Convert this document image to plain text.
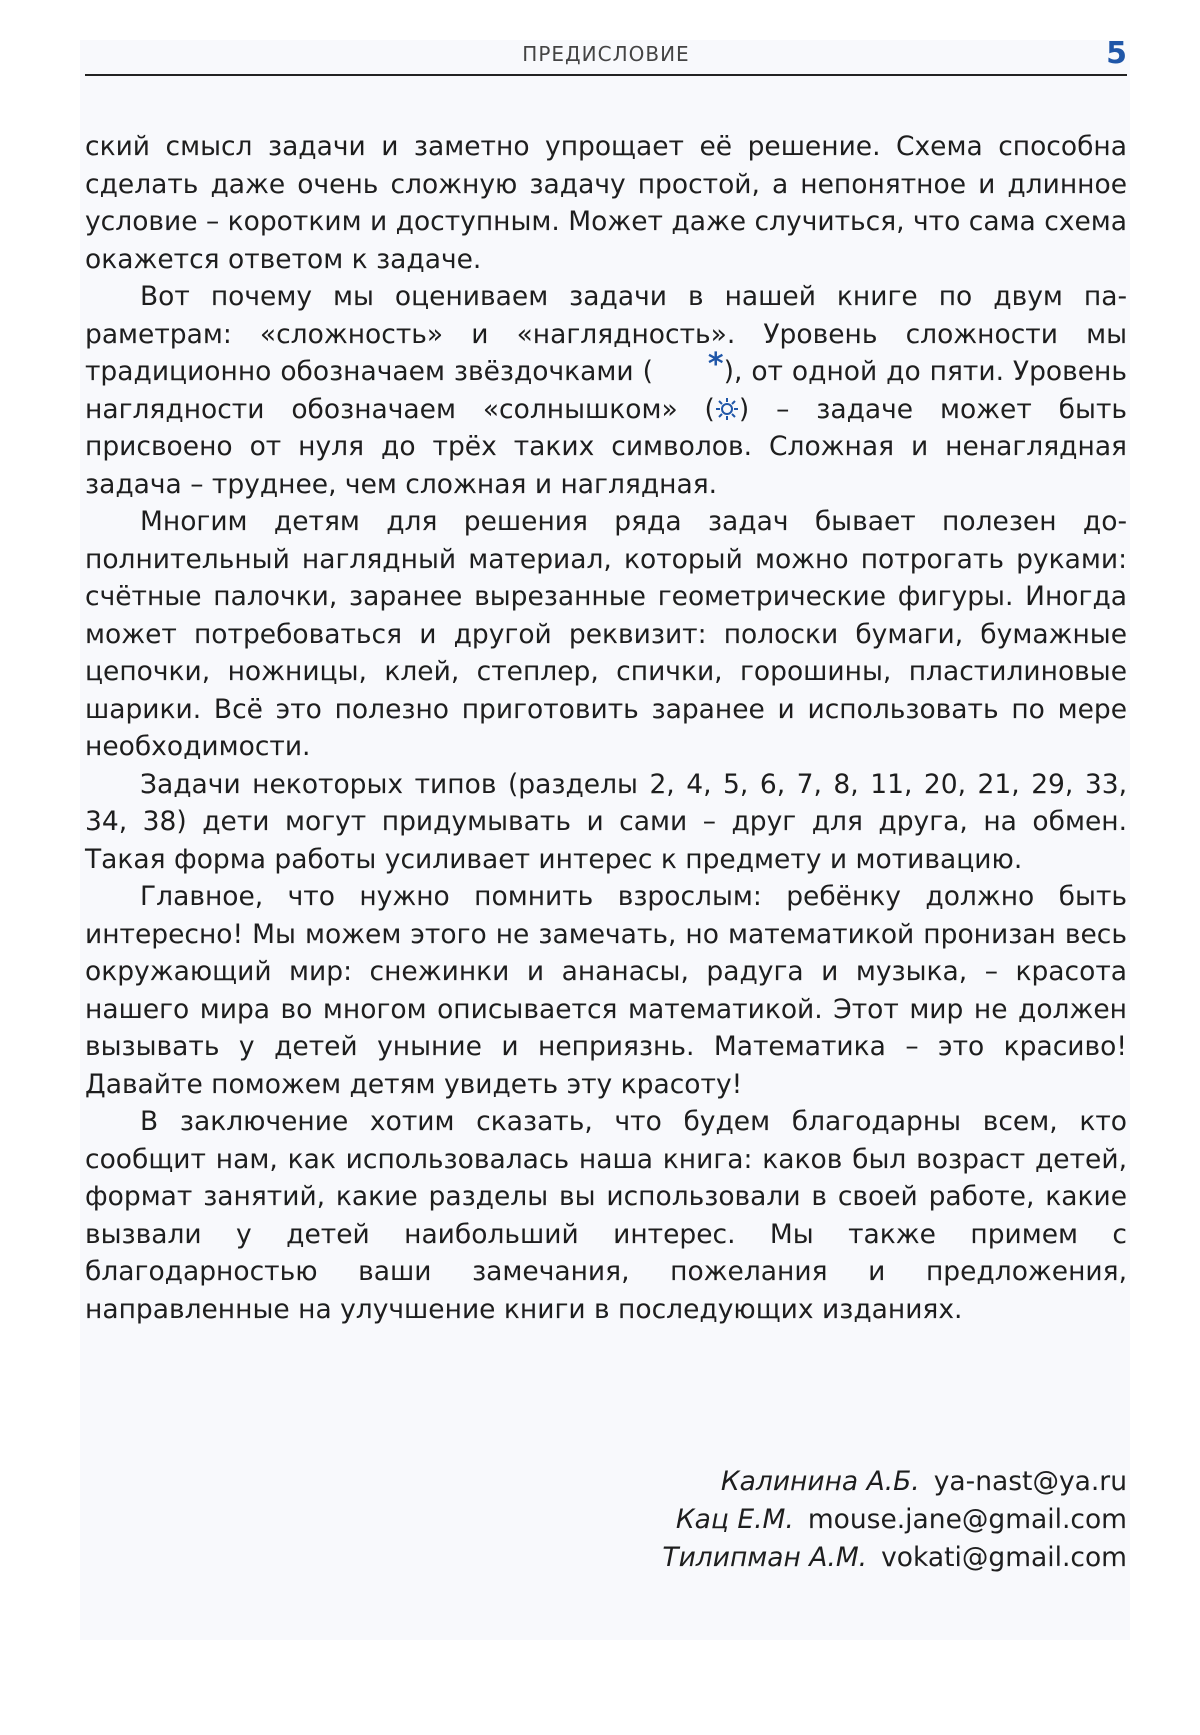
ПРЕДИСЛОВИЕ	5

ский смысл задачи и заметно упрощает её решение. Схема способна сделать даже очень сложную задачу простой, а непонятное и длинное условие – коротким и доступным. Может даже случиться, что сама схема окажется ответом к задаче.

Вот почему мы оцениваем задачи в нашей книге по двум параметрам: «сложность» и «наглядность». Уровень сложности мы традиционно обозначаем звёздочками ( *), от одной до пяти. Уровень наглядности обозначаем «солнышком» ( ) – задаче может быть присвоено от нуля до трёх таких символов. Сложная и ненаглядная задача – труднее, чем сложная и наглядная.

Многим детям для решения ряда задач бывает полезен дополнительный наглядный материал, который можно потрогать руками: счётные палочки, заранее вырезанные геометрические фигуры. Иногда может потребоваться и другой реквизит: полоски бумаги, бумажные цепочки, ножницы, клей, степлер, спички, горошины, пластилиновые шарики. Всё это полезно приготовить заранее и использовать по мере необходимости.

Задачи некоторых типов (разделы 2, 4, 5, 6, 7, 8, 11, 20, 21, 29, 33, 34, 38) дети могут придумывать и сами – друг для друга, на обмен. Такая форма работы усиливает интерес к предмету и мотивацию.

Главное, что нужно помнить взрослым: ребёнку должно быть интересно! Мы можем этого не замечать, но математикой пронизан весь окружающий мир: снежинки и ананасы, радуга и музыка, – красота нашего мира во многом описывается математикой. Этот мир не должен вызывать у детей уныние и неприязнь. Математика – это красиво! Давайте поможем детям увидеть эту красоту!

В заключение хотим сказать, что будем благодарны всем, кто сообщит нам, как использовалась наша книга: каков был возраст детей, формат занятий, какие разделы вы использовали в своей работе, какие вызвали у детей наибольший интерес. Мы также примем с благодарностью ваши замечания, пожелания и предложения, направленные на улучшение книги в последующих изданиях.

Калинина А.Б. ya-nast@ya.ru
Кац Е.М. mouse.jane@gmail.com
Тилипман А.М. vokati@gmail.com
